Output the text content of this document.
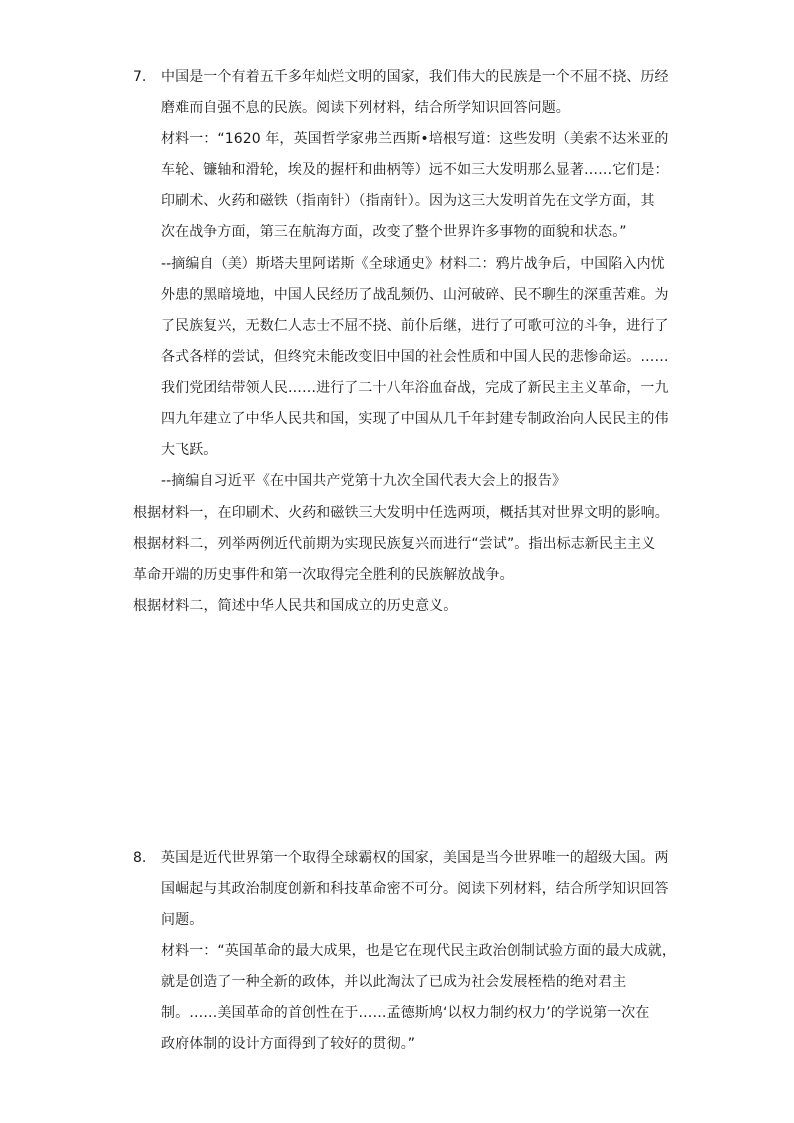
7. 中国是一个有着五千多年灿烂文明的国家，我们伟大的民族是一个不屈不挠、历经
磨难而自强不息的民族。阅读下列材料，结合所学知识回答问题。
材料一：“1620 年，英国哲学家弗兰西斯•培根写道：这些发明（美索不达米亚的
车轮、镰轴和滑轮，埃及的握杆和曲柄等）远不如三大发明那么显著……它们是：
印刷术、火药和磁铁（指南针）（指南针）。因为这三大发明首先在文学方面，其
次在战争方面，第三在航海方面，改变了整个世界许多事物的面貌和状态。”
--摘编自（美）斯塔夫里阿诺斯《全球通史》材料二：鸦片战争后，中国陷入内忧
外患的黑暗境地，中国人民经历了战乱频仍、山河破碎、民不聊生的深重苦难。为
了民族复兴，无数仁人志士不屈不挠、前仆后继，进行了可歌可泣的斗争，进行了
各式各样的尝试，但终究未能改变旧中国的社会性质和中国人民的悲惨命运。……
我们党团结带领人民……进行了二十八年浴血奋战，完成了新民主主义革命，一九
四九年建立了中华人民共和国，实现了中国从几千年封建专制政治向人民民主的伟
大飞跃。
--摘编自习近平《在中国共产党第十九次全国代表大会上的报告》
根据材料一，在印刷术、火药和磁铁三大发明中任选两项，概括其对世界文明的影响。
根据材料二，列举两例近代前期为实现民族复兴而进行“尝试”。指出标志新民主主义
革命开端的历史事件和第一次取得完全胜利的民族解放战争。
根据材料二，简述中华人民共和国成立的历史意义。
8. 英国是近代世界第一个取得全球霸权的国家，美国是当今世界唯一的超级大国。两
国崛起与其政治制度创新和科技革命密不可分。阅读下列材料，结合所学知识回答
问题。
材料一：“英国革命的最大成果，也是它在现代民主政治创制试验方面的最大成就，
就是创造了一种全新的政体，并以此淘汰了已成为社会发展桎梏的绝对君主
制。……美国革命的首创性在于……孟德斯鸠‘以权力制约权力’的学说第一次在
政府体制的设计方面得到了较好的贯彻。”
